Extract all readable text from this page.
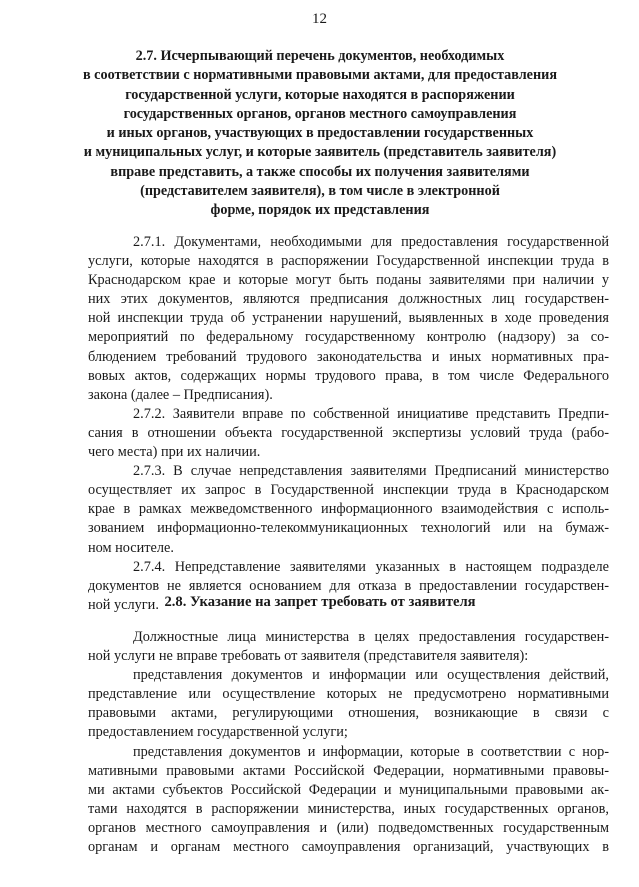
12
2.7. Исчерпывающий перечень документов, необходимых
в соответствии с нормативными правовыми актами, для предоставления
государственной услуги, которые находятся в распоряжении
государственных органов, органов местного самоуправления
и иных органов, участвующих в предоставлении государственных
и муниципальных услуг, и которые заявитель (представитель заявителя)
вправе представить, а также способы их получения заявителями
(представителем заявителя), в том числе в электронной
форме, порядок их представления
2.7.1. Документами, необходимыми для предоставления государственной
услуги, которые находятся в распоряжении Государственной инспекции труда в
Краснодарском крае и которые могут быть поданы заявителями при наличии у
них этих документов, являются предписания должностных лиц государствен-
ной инспекции труда об устранении нарушений, выявленных в ходе проведения
мероприятий по федеральному государственному контролю (надзору) за со-
блюдением требований трудового законодательства и иных нормативных пра-
вовых актов, содержащих нормы трудового права, в том числе Федерального
закона (далее – Предписания).
2.7.2. Заявители вправе по собственной инициативе представить Предпи-
сания в отношении объекта государственной экспертизы условий труда (рабо-
чего места) при их наличии.
2.7.3. В случае непредставления заявителями Предписаний министерство
осуществляет их запрос в Государственной инспекции труда в Краснодарском
крае в рамках межведомственного информационного взаимодействия с исполь-
зованием информационно-телекоммуникационных технологий или на бумаж-
ном носителе.
2.7.4. Непредставление заявителями указанных в настоящем подразделе
документов не является основанием для отказа в предоставлении государствен-
ной услуги. 2.8. Указание на запрет требовать от заявителя
Должностные лица министерства в целях предоставления государствен-
ной услуги не вправе требовать от заявителя (представителя заявителя):
представления документов и информации или осуществления действий,
представление или осуществление которых не предусмотрено нормативными
правовыми актами, регулирующими отношения, возникающие в связи с
предоставлением государственной услуги;
представления документов и информации, которые в соответствии с нор-
мативными правовыми актами Российской Федерации, нормативными правовы-
ми актами субъектов Российской Федерации и муниципальными правовыми ак-
тами находятся в распоряжении министерства, иных государственных органов,
органов местного самоуправления и (или) подведомственных государственным
органам и органам местного самоуправления организаций, участвующих в
